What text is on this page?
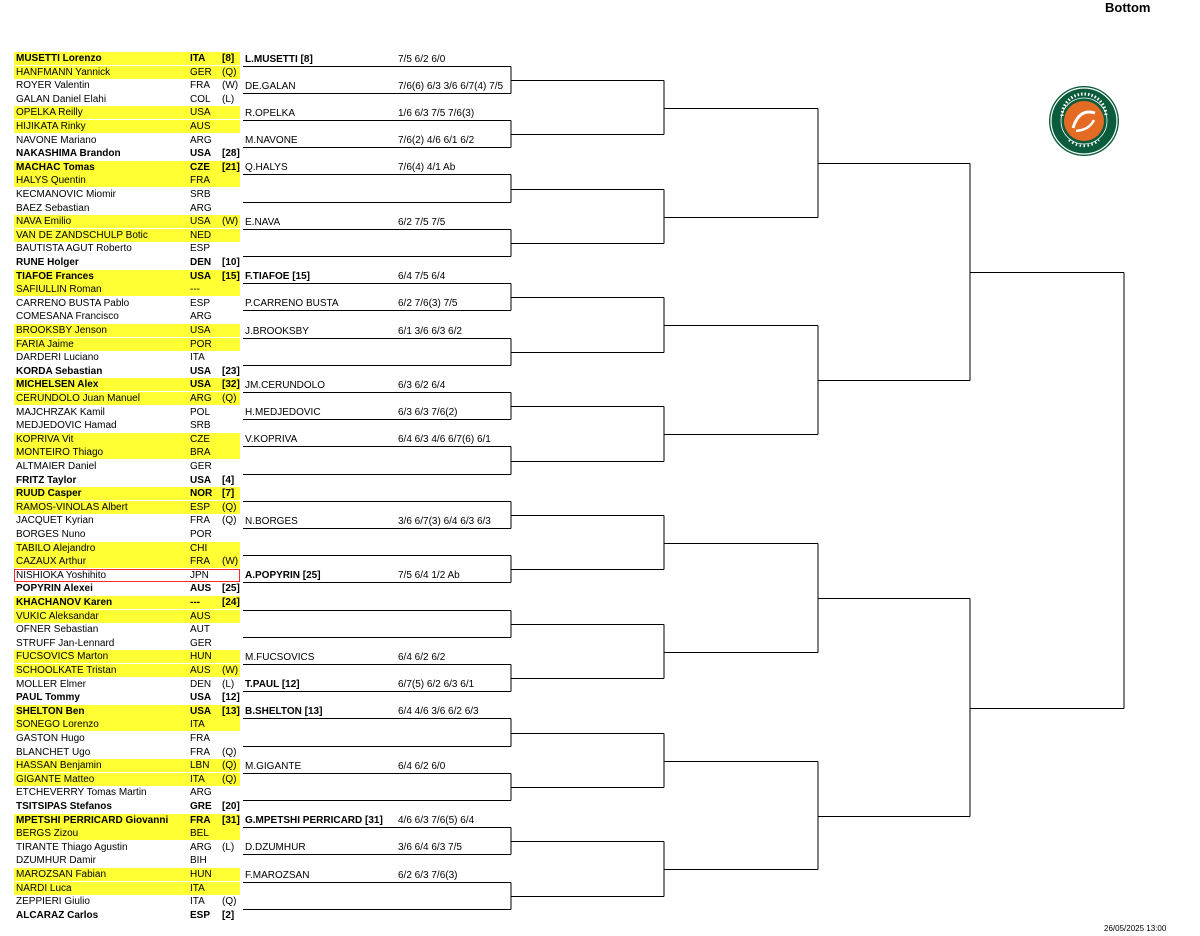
Bottom
MUSETTI Lorenzo	ITA [8]
HANFMANN Yannick	GER (Q)
ROYER Valentin	FRA (W)
GALAN Daniel Elahi	COL (L)
OPELKA Reilly	USA
HIJIKATA Rinky	AUS
NAVONE Mariano	ARG
NAKASHIMA Brandon	USA [28]
MACHAC Tomas	CZE [21]
HALYS Quentin	FRA
KECMANOVIC Miomir	SRB
BAEZ Sebastian	ARG
NAVA Emilio	USA (W)
VAN DE ZANDSCHULP Botic	NED
BAUTISTA AGUT Roberto	ESP
RUNE Holger	DEN [10]
TIAFOE Frances	USA [15]
SAFIULLIN Roman	---
CARRENO BUSTA Pablo	ESP
COMESANA Francisco	ARG
BROOKSBY Jenson	USA
FARIA Jaime	POR
DARDERI Luciano	ITA
KORDA Sebastian	USA [23]
MICHELSEN Alex	USA [32]
CERUNDOLO Juan Manuel	ARG (Q)
MAJCHRZAK Kamil	POL
MEDJEDOVIC Hamad	SRB
KOPRIVA Vit	CZE
MONTEIRO Thiago	BRA
ALTMAIER Daniel	GER
FRITZ Taylor	USA [4]
RUUD Casper	NOR [7]
RAMOS-VINOLAS Albert	ESP (Q)
JACQUET Kyrian	FRA (Q)
BORGES Nuno	POR
TABILO Alejandro	CHI
CAZAUX Arthur	FRA (W)
NISHIOKA Yoshihito	JPN
POPYRIN Alexei	AUS [25]
KHACHANOV Karen	--- [24]
VUKIC Aleksandar	AUS
OFNER Sebastian	AUT
STRUFF Jan-Lennard	GER
FUCSOVICS Marton	HUN
SCHOOLKATE Tristan	AUS (W)
MOLLER Elmer	DEN (L)
PAUL Tommy	USA [12]
SHELTON Ben	USA [13]
SONEGO Lorenzo	ITA
GASTON Hugo	FRA
BLANCHET Ugo	FRA (Q)
HASSAN Benjamin	LBN (Q)
GIGANTE Matteo	ITA (Q)
ETCHEVERRY Tomas Martin	ARG
TSITSIPAS Stefanos	GRE [20]
MPETSHI PERRICARD Giovanni FRA [31]
BERGS Zizou	BEL
TIRANTE Thiago Agustin	ARG (L)
DZUMHUR Damir	BIH
MAROZSAN Fabian	HUN
NARDI Luca	ITA
ZEPPIERI Giulio	ITA (Q)
ALCARAZ Carlos	ESP [2]
L.MUSETTI [8]	7/5 6/2 6/0
DE.GALAN	7/6(6) 6/3 3/6 6/7(4) 7/5
R.OPELKA	1/6 6/3 7/5 7/6(3)
M.NAVONE	7/6(2) 4/6 6/1 6/2
Q.HALYS	7/6(4) 4/1 Ab
E.NAVA	6/2 7/5 7/5
F.TIAFOE [15]	6/4 7/5 6/4
P.CARRENO BUSTA	6/2 7/6(3) 7/5
J.BROOKSBY	6/1 3/6 6/3 6/2
JM.CERUNDOLO	6/3 6/2 6/4
H.MEDJEDOVIC	6/3 6/3 7/6(2)
V.KOPRIVA	6/4 6/3 4/6 6/7(6) 6/1
N.BORGES	3/6 6/7(3) 6/4 6/3 6/3
A.POPYRIN [25]	7/5 6/4 1/2 Ab
M.FUCSOVICS	6/4 6/2 6/2
T.PAUL [12]	6/7(5) 6/2 6/3 6/1
B.SHELTON [13]	6/4 4/6 3/6 6/2 6/3
M.GIGANTE	6/4 6/2 6/0
G.MPETSHI PERRICARD [31] 4/6 6/3 7/6(5) 6/4
D.DZUMHUR	3/6 6/4 6/3 7/5
F.MAROZSAN	6/2 6/3 7/6(3)
26/05/2025 13:00
